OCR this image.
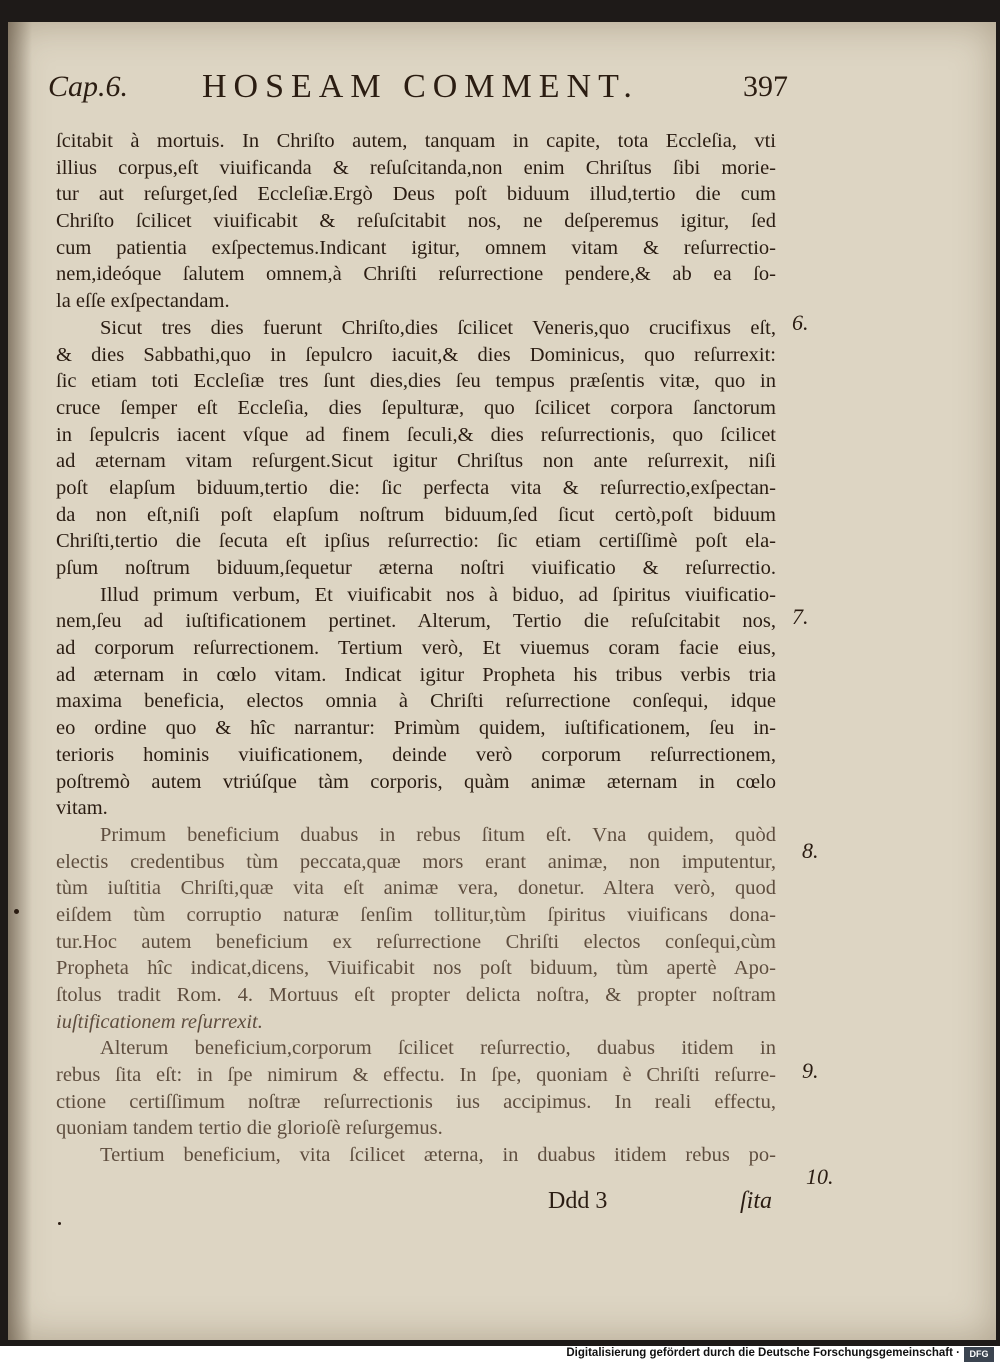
Cap.6. HOSEAM COMMENT.	397
ſcitabit à mortuis. In Chriſto autem, tanquam in capite, tota Eccleſia, vti
illius corpus,eſt viuificanda & reſuſcitanda,non enim Chriſtus ſibi morie-
tur aut reſurget,ſed Eccleſiæ.Ergò Deus poſt biduum illud,tertio die cum
Chriſto ſcilicet viuificabit & reſuſcitabit nos, ne deſperemus igitur, ſed
cum patientia exſpectemus.Indicant igitur, omnem vitam & reſurrectio-
nem,ideóque ſalutem omnem,à Chriſti reſurrectione pendere,& ab ea ſo-
la eſſe exſpectandam.
Sicut tres dies fuerunt Chriſto,dies ſcilicet Veneris,quo crucifixus eſt,
& dies Sabbathi,quo in ſepulcro iacuit,& dies Dominicus, quo reſurrexit:
ſic etiam toti Eccleſiæ tres ſunt dies,dies ſeu tempus præſentis vitæ, quo in
cruce ſemper eſt Eccleſia, dies ſepulturæ, quo ſcilicet corpora ſanctorum
in ſepulcris iacent vſque ad finem ſeculi,& dies reſurrectionis, quo ſcilicet
ad æternam vitam reſurgent.Sicut igitur Chriſtus non ante reſurrexit, niſi
poſt elapſum biduum,tertio die: ſic perfecta vita & reſurrectio,exſpectan-
da non eſt,niſi poſt elapſum noſtrum biduum,ſed ſicut certò,poſt biduum
Chriſti,tertio die ſecuta eſt ipſius reſurrectio: ſic etiam certiſſimè poſt ela-
pſum noſtrum biduum,ſequetur æterna noſtri viuificatio & reſurrectio.
Illud primum verbum, Et viuificabit nos à biduo, ad ſpiritus viuificatio-
nem,ſeu ad iuſtificationem pertinet. Alterum, Tertio die reſuſcitabit nos,
ad corporum reſurrectionem. Tertium verò, Et viuemus coram facie eius,
ad æternam in cœlo vitam. Indicat igitur Propheta his tribus verbis tria
maxima beneficia, electos omnia à Chriſti reſurrectione conſequi, idque
eo ordine quo & hîc narrantur: Primùm quidem, iuſtificationem, ſeu in-
terioris hominis viuificationem, deinde verò corporum reſurrectionem,
poſtremò autem vtriúſque tàm corporis, quàm animæ æternam in cœlo
vitam.
Primum beneficium duabus in rebus ſitum eſt. Vna quidem, quòd
electis credentibus tùm peccata,quæ mors erant animæ, non imputentur,
tùm iuſtitia Chriſti,quæ vita eſt animæ vera, donetur. Altera verò, quod
eiſdem tùm corruptio naturæ ſenſim tollitur,tùm ſpiritus viuificans dona-
tur.Hoc autem beneficium ex reſurrectione Chriſti electos conſequi,cùm
Propheta hîc indicat,dicens, Viuificabit nos poſt biduum, tùm apertè Apo-
ſtolus tradit Rom. 4. Mortuus eſt propter delicta noſtra, & propter noſtram
iuſtificationem reſurrexit.
Alterum beneficium,corporum ſcilicet reſurrectio, duabus itidem in
rebus ſita eſt: in ſpe nimirum & effectu. In ſpe, quoniam è Chriſti reſurre-
ctione certiſſimum noſtræ reſurrectionis ius accipimus. In reali effectu,
quoniam tandem tertio die glorioſè reſurgemus.
Tertium beneficium, vita ſcilicet æterna, in duabus itidem rebus po-
6.
7.
8.
9.
10.
Ddd 3	ſita
Digitalisierung gefördert durch die Deutsche Forschungsgemeinschaft ·	DFG
